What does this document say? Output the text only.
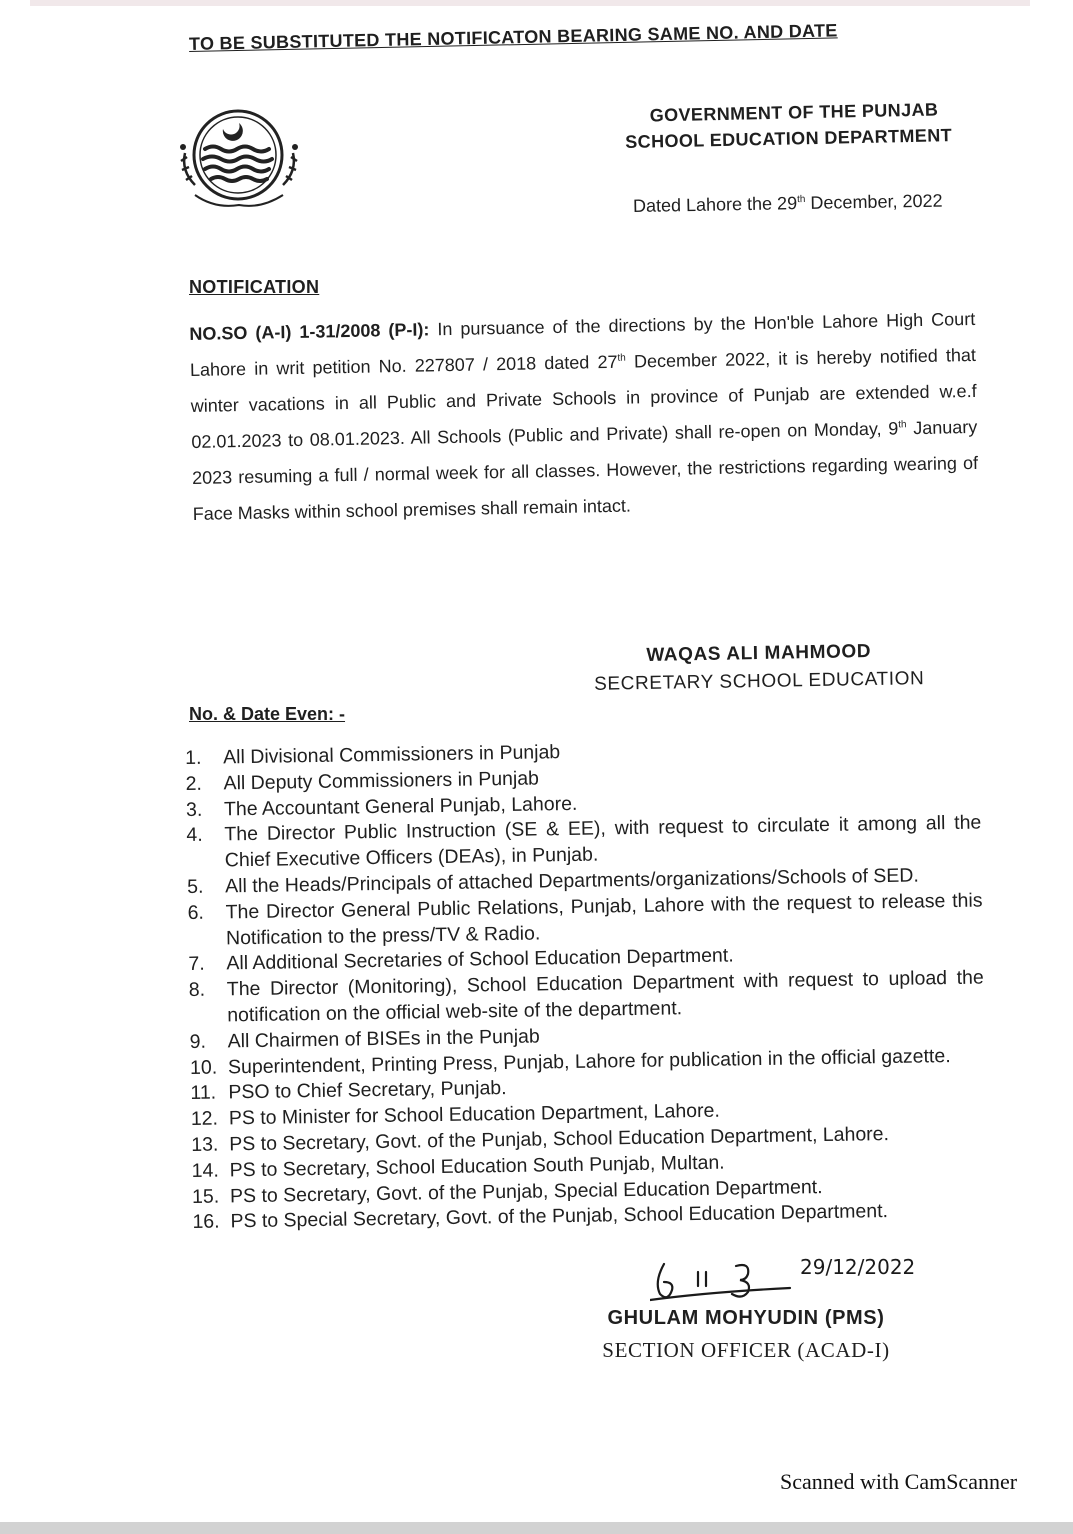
TO BE SUBSTITUTED THE NOTIFICATON BEARING SAME NO. AND DATE
GOVERNMENT OF THE PUNJAB
SCHOOL EDUCATION DEPARTMENT
Dated Lahore the 29th December, 2022
NOTIFICATION
NO.SO (A-I) 1-31/2008 (P-I): In pursuance of the directions by the Hon'ble Lahore High Court Lahore in writ petition No. 227807 / 2018 dated 27th December 2022, it is hereby notified that winter vacations in all Public and Private Schools in province of Punjab are extended w.e.f 02.01.2023 to 08.01.2023. All Schools (Public and Private) shall re-open on Monday, 9th January 2023 resuming a full / normal week for all classes. However, the restrictions regarding wearing of Face Masks within school premises shall remain intact.
WAQAS ALI MAHMOOD
SECRETARY SCHOOL EDUCATION
No. & Date Even: -
1.	All Divisional Commissioners in Punjab
2.	All Deputy Commissioners in Punjab
3.	The Accountant General Punjab, Lahore.
4.	The Director Public Instruction (SE & EE), with request to circulate it among all the Chief Executive Officers (DEAs), in Punjab.
5.	All the Heads/Principals of attached Departments/organizations/Schools of SED.
6.	The Director General Public Relations, Punjab, Lahore with the request to release this Notification to the press/TV & Radio.
7.	All Additional Secretaries of School Education Department.
8.	The Director (Monitoring), School Education Department with request to upload the notification on the official web-site of the department.
9.	All Chairmen of BISEs in the Punjab
10. Superintendent, Printing Press, Punjab, Lahore for publication in the official gazette.
11. PSO to Chief Secretary, Punjab.
12. PS to Minister for School Education Department, Lahore.
13. PS to Secretary, Govt. of the Punjab, School Education Department, Lahore.
14. PS to Secretary, School Education South Punjab, Multan.
15. PS to Secretary, Govt. of the Punjab, Special Education Department.
16. PS to Special Secretary, Govt. of the Punjab, School Education Department.
29/12/2022
GHULAM MOHYUDIN (PMS)
SECTION OFFICER (ACAD-I)
Scanned with CamScanner
